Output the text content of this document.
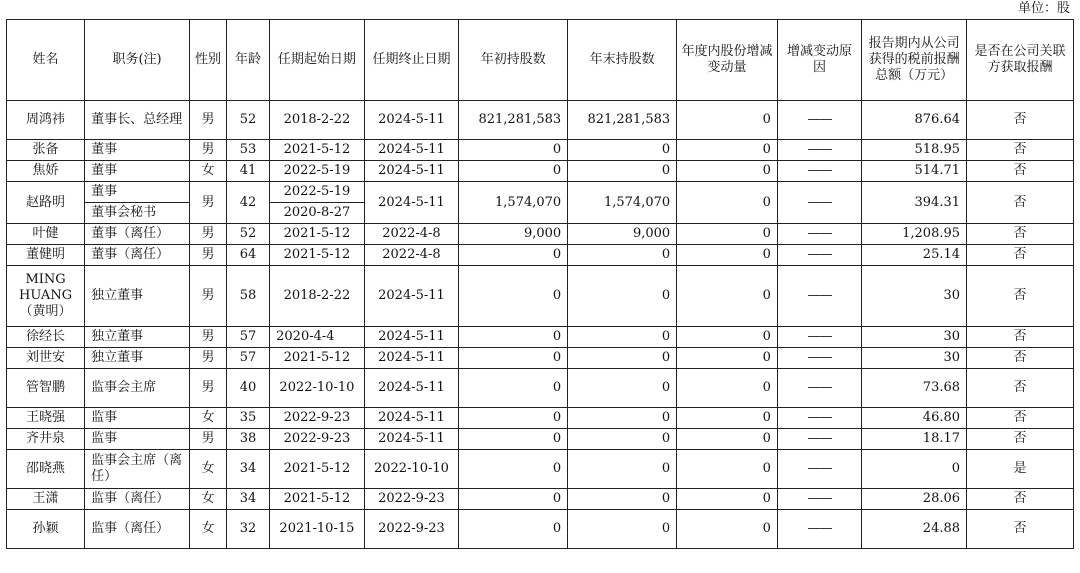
单位：股
姓名	职务(注)	性别	年龄	任期起始日期	任期终止日期	年初持股数	年末持股数	年度内股份增减变动量	增减变动原因	报告期内从公司获得的税前报酬总额（万元）	是否在公司关联方获取报酬
周鸿祎	董事长、总经理	男	52	2018-2-22	2024-5-11	821,281,583	821,281,583	0	——	876.64	否
张备	董事	男	53	2021-5-12	2024-5-11	0	0	0	——	518.95	否
焦娇	董事	女	41	2022-5-19	2024-5-11	0	0	0	——	514.71	否
赵路明	董事	男	42	2022-5-19	2024-5-11	1,574,070	1,574,070	0	——	394.31	否
	董事会秘书			2020-8-27							
叶健	董事（离任）	男	52	2021-5-12	2022-4-8	9,000	9,000	0	——	1,208.95	否
董健明	董事（离任）	男	64	2021-5-12	2022-4-8	0	0	0	——	25.14	否
MING HUANG（黄明）	独立董事	男	58	2018-2-22	2024-5-11	0	0	0	——	30	否
徐经长	独立董事	男	57	2020-4-4	2024-5-11	0	0	0	——	30	否
刘世安	独立董事	男	57	2021-5-12	2024-5-11	0	0	0	——	30	否
管智鹏	监事会主席	男	40	2022-10-10	2024-5-11	0	0	0	——	73.68	否
王晓强	监事	女	35	2022-9-23	2024-5-11	0	0	0	——	46.80	否
齐井泉	监事	男	38	2022-9-23	2024-5-11	0	0	0	——	18.17	否
邵晓燕	监事会主席（离任）	女	34	2021-5-12	2022-10-10	0	0	0	——	0	是
王潇	监事（离任）	女	34	2021-5-12	2022-9-23	0	0	0	——	28.06	否
孙颖	监事（离任）	女	32	2021-10-15	2022-9-23	0	0	0	——	24.88	否
